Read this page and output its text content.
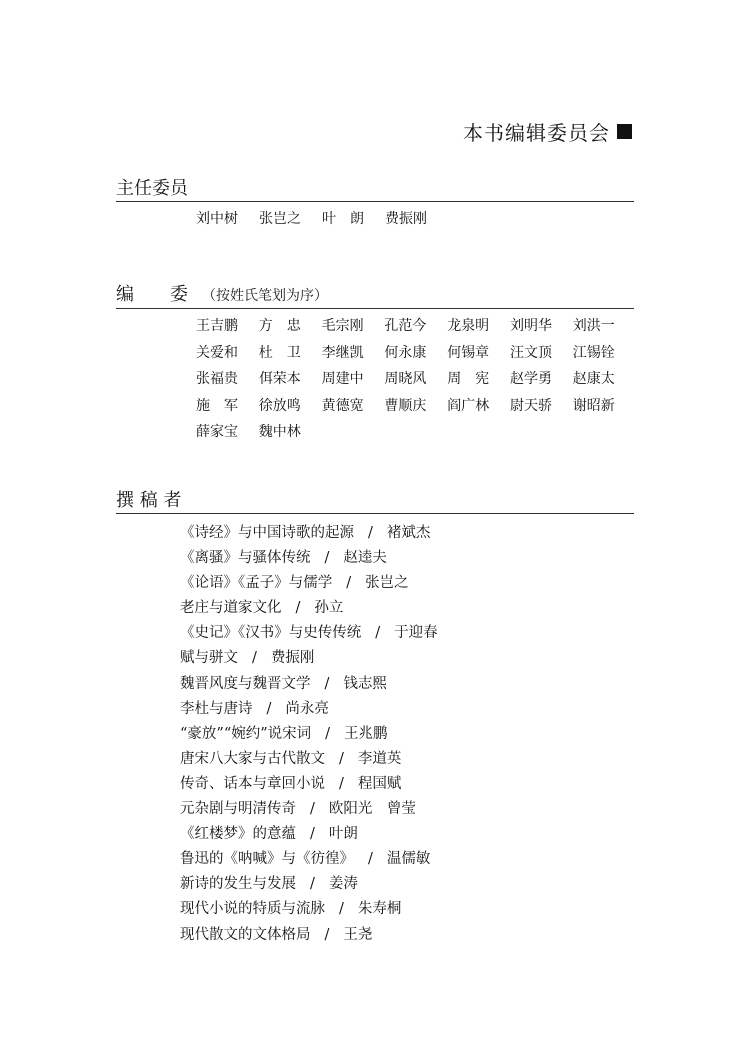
本书编辑委员会
主任委员
刘中树 张岂之 叶　朗 费振刚
编　　委 （按姓氏笔划为序）
王吉鹏 方　忠 毛宗刚 孔范今 龙泉明 刘明华 刘洪一
关爱和 杜　卫 李继凯 何永康 何锡章 汪文顶 江锡铨
张福贵 佴荣本 周建中 周晓风 周　宪 赵学勇 赵康太
施　军 徐放鸣 黄德宽 曹顺庆 阎广林 尉天骄 谢昭新
薛家宝 魏中林
撰 稿 者
《诗经》与中国诗歌的起源 / 褚斌杰
《离骚》与骚体传统 / 赵逵夫
《论语》《孟子》与儒学 / 张岂之
老庄与道家文化 / 孙立
《史记》《汉书》与史传传统 / 于迎春
赋与骈文 / 费振刚
魏晋风度与魏晋文学 / 钱志熙
李杜与唐诗 / 尚永亮
“豪放”“婉约”说宋词 / 王兆鹏
唐宋八大家与古代散文 / 李道英
传奇、话本与章回小说 / 程国赋
元杂剧与明清传奇 / 欧阳光　曾莹
《红楼梦》的意蕴 / 叶朗
鲁迅的《呐喊》与《彷徨》 / 温儒敏
新诗的发生与发展 / 姜涛
现代小说的特质与流脉 / 朱寿桐
现代散文的文体格局 / 王尧
